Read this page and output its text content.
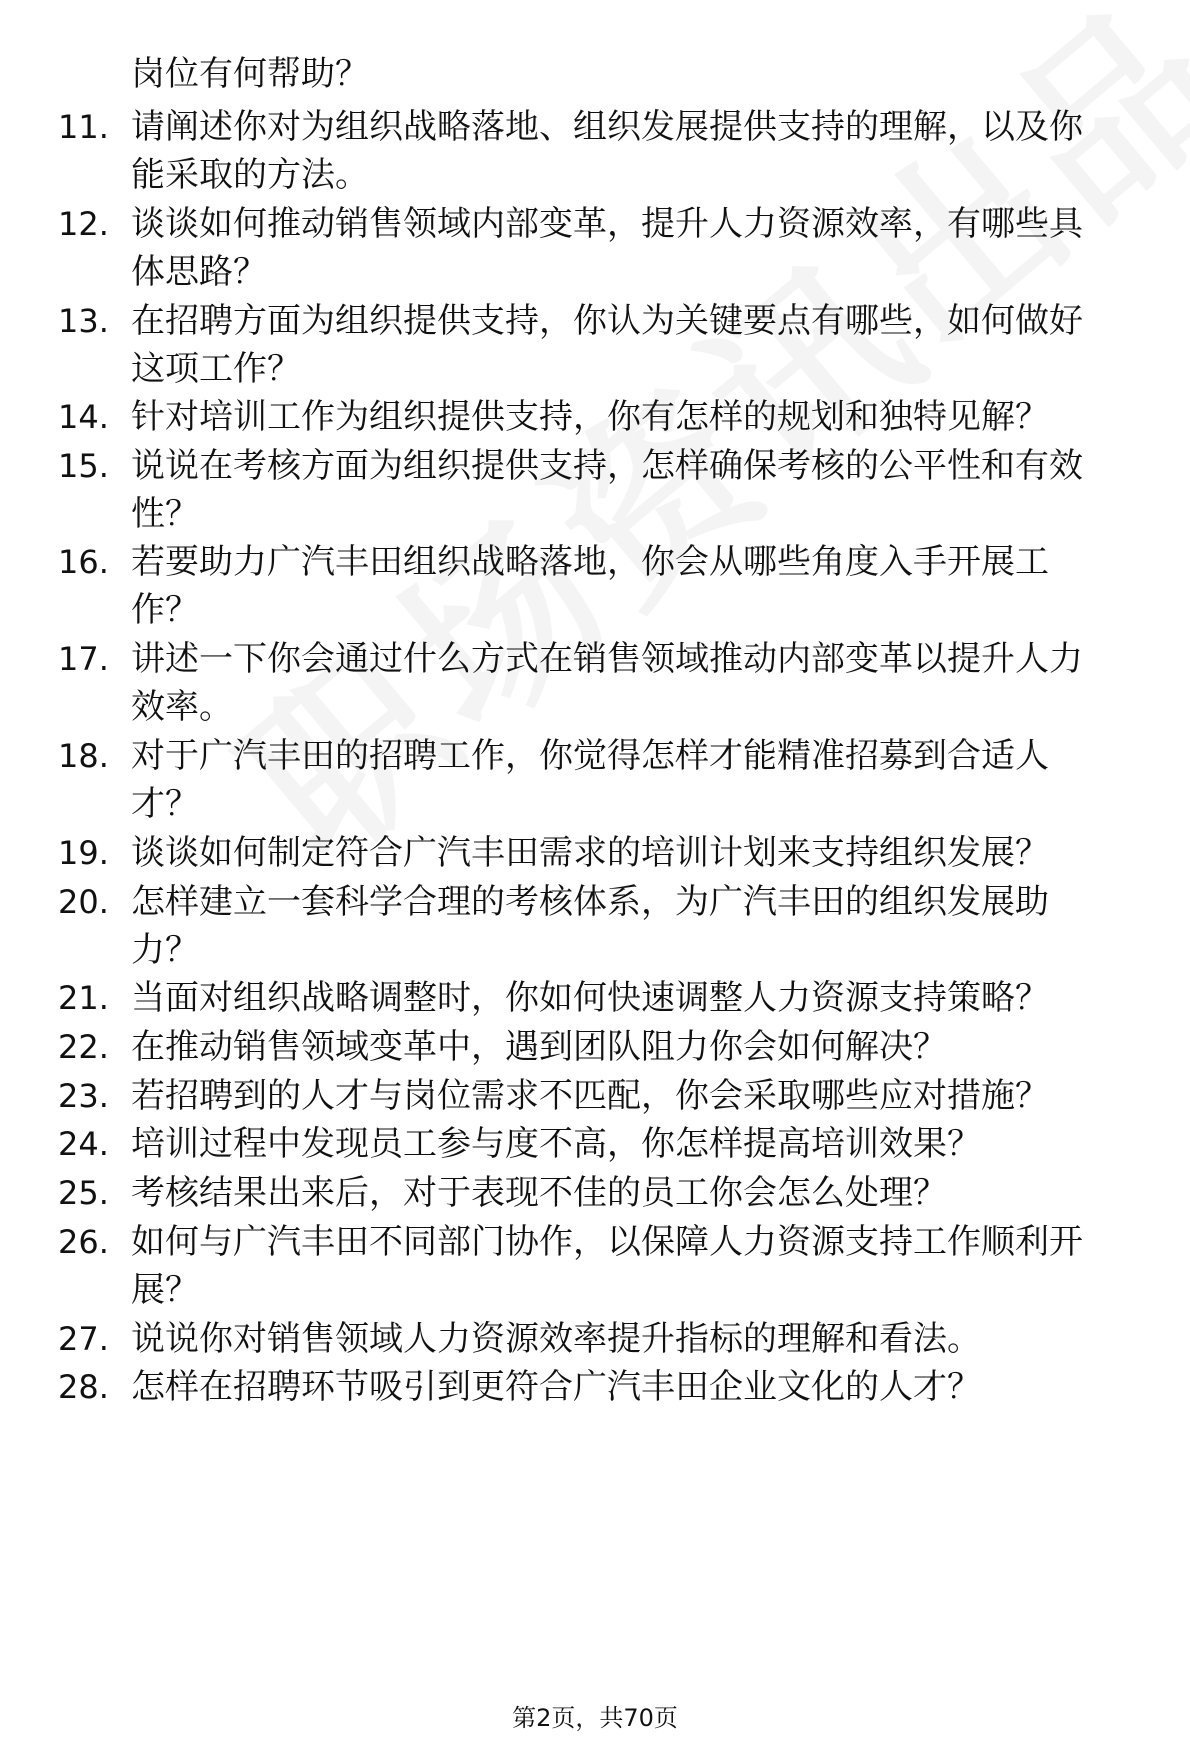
岗位有何帮助？
11. 请阐述你对为组织战略落地、组织发展提供支持的理解，以及你
能采取的方法。
12. 谈谈如何推动销售领域内部变革，提升人力资源效率，有哪些具
体思路？
13. 在招聘方面为组织提供支持，你认为关键要点有哪些，如何做好
这项工作？
14. 针对培训工作为组织提供支持，你有怎样的规划和独特见解？
15. 说说在考核方面为组织提供支持，怎样确保考核的公平性和有效
性？
16. 若要助力广汽丰田组织战略落地，你会从哪些角度入手开展工
作？
17. 讲述一下你会通过什么方式在销售领域推动内部变革以提升人力
效率。
18. 对于广汽丰田的招聘工作，你觉得怎样才能精准招募到合适人
才？
19. 谈谈如何制定符合广汽丰田需求的培训计划来支持组织发展？
20. 怎样建立一套科学合理的考核体系，为广汽丰田的组织发展助
力？
21. 当面对组织战略调整时，你如何快速调整人力资源支持策略？
22. 在推动销售领域变革中，遇到团队阻力你会如何解决？
23. 若招聘到的人才与岗位需求不匹配，你会采取哪些应对措施？
24. 培训过程中发现员工参与度不高，你怎样提高培训效果？
25. 考核结果出来后，对于表现不佳的员工你会怎么处理？
26. 如何与广汽丰田不同部门协作，以保障人力资源支持工作顺利开
展？
27. 说说你对销售领域人力资源效率提升指标的理解和看法。
28. 怎样在招聘环节吸引到更符合广汽丰田企业文化的人才？
第2页，共70页
